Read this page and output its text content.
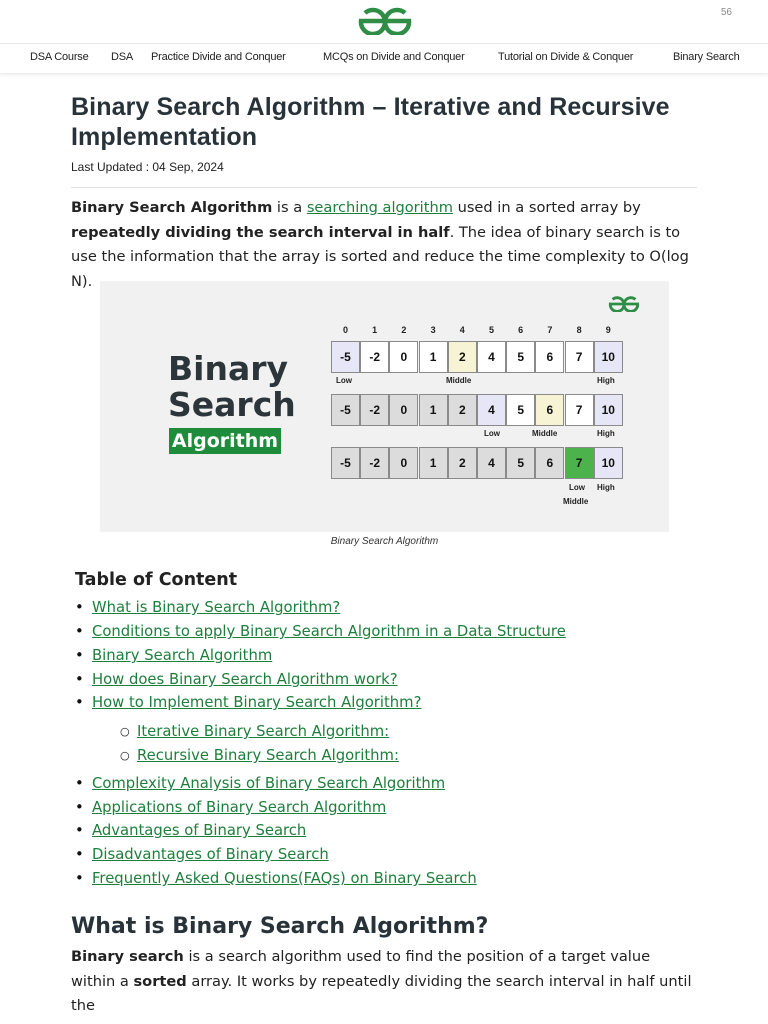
56
DSA Course DSA Practice Divide and Conquer	MCQs on Divide and Conquer	Tutorial on Divide & Conquer	Binary Search
Binary Search Algorithm – Iterative and Recursive Implementation
Last Updated : 04 Sep, 2024

Binary Search Algorithm is a searching algorithm used in a sorted array by repeatedly dividing the search interval in half. The idea of binary search is to use the information that the array is sorted and reduce the time complexity to O(log N).

Binary
Search
Algorithm
0	1	2	3	4	5	6	7	8	9
-5	-2	0	1	2	4	5	6	7	10
-5	-2	0	1	2	4	5	6	7	10
-5	-2	0	1	2	4	5	6	7	10
Low	Middle	High
Low	Middle	High
Low High
Middle
Binary Search Algorithm
Table of Content
• What is Binary Search Algorithm?
• Conditions to apply Binary Search Algorithm in a Data Structure
• Binary Search Algorithm
• How does Binary Search Algorithm work?
• How to Implement Binary Search Algorithm?
• Complexity Analysis of Binary Search Algorithm
• Applications of Binary Search Algorithm
• Advantages of Binary Search
• Disadvantages of Binary Search
• Frequently Asked Questions(FAQs) on Binary Search
○ Iterative Binary Search Algorithm:
○ Recursive Binary Search Algorithm:
What is Binary Search Algorithm?

Binary search is a search algorithm used to find the position of a target value within a sorted array. It works by repeatedly dividing the search interval in half until the
